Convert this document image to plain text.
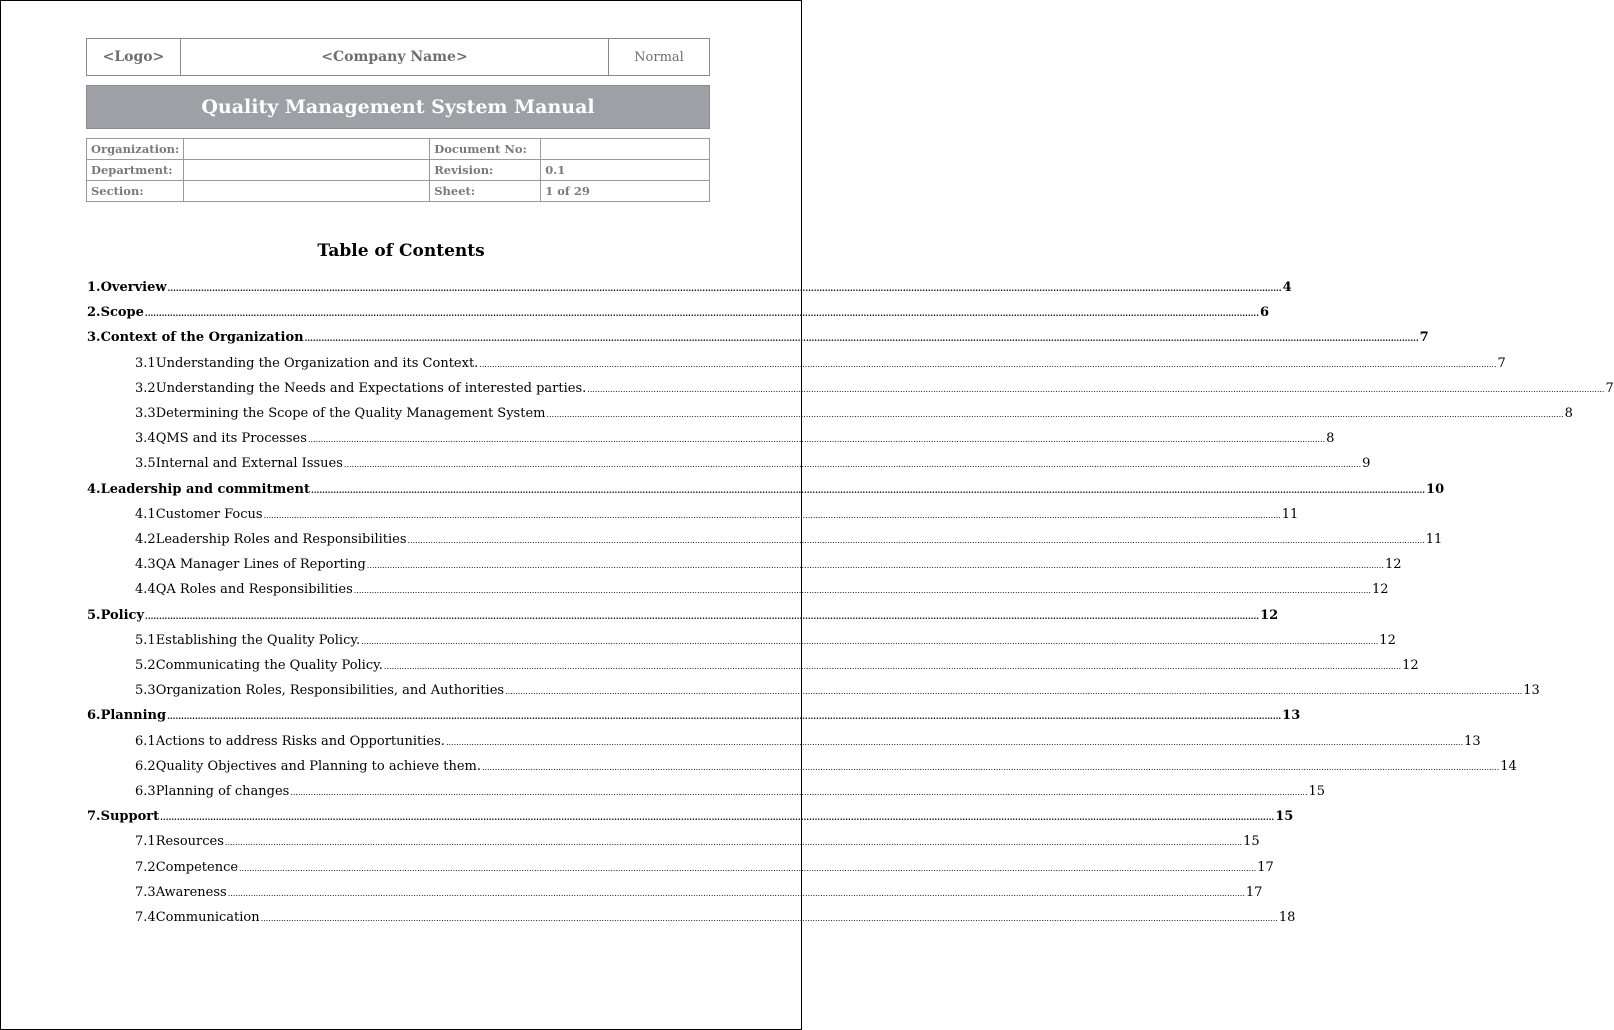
<Logo>	<Company Name>	Normal
Quality Management System Manual
Organization:		Document No:	
Department:		Revision:	0.1
Section:		Sheet:	1 of 29
Table of Contents
1. Overview ................................................................................................................................................................................................................................................................................................................................................................................................................ 4
2. Scope ................................................................................................................................................................................................................................................................................................................................................................................................................ 6
3. Context of the Organization ................................................................................................................................................................................................................................................................................................................................................................................................................ 7
3.1 Understanding the Organization and its Context. ................................................................................................................................................................................................................................................................................................................................................................................................................ 7
3.2 Understanding the Needs and Expectations of interested parties. ................................................................................................................................................................................................................................................................................................................................................................................................................ 7
3.3 Determining the Scope of the Quality Management System ................................................................................................................................................................................................................................................................................................................................................................................................................ 8
3.4 QMS and its Processes ................................................................................................................................................................................................................................................................................................................................................................................................................ 8
3.5 Internal and External Issues ................................................................................................................................................................................................................................................................................................................................................................................................................ 9
4. Leadership and commitment ................................................................................................................................................................................................................................................................................................................................................................................................................ 10
4.1 Customer Focus ................................................................................................................................................................................................................................................................................................................................................................................................................ 11
4.2 Leadership Roles and Responsibilities ................................................................................................................................................................................................................................................................................................................................................................................................................ 11
4.3 QA Manager Lines of Reporting ................................................................................................................................................................................................................................................................................................................................................................................................................ 12
4.4 QA Roles and Responsibilities ................................................................................................................................................................................................................................................................................................................................................................................................................ 12
5. Policy ................................................................................................................................................................................................................................................................................................................................................................................................................ 12
5.1 Establishing the Quality Policy. ................................................................................................................................................................................................................................................................................................................................................................................................................ 12
5.2 Communicating the Quality Policy. ................................................................................................................................................................................................................................................................................................................................................................................................................ 12
5.3 Organization Roles, Responsibilities, and Authorities ................................................................................................................................................................................................................................................................................................................................................................................................................ 13
6. Planning ................................................................................................................................................................................................................................................................................................................................................................................................................ 13
6.1 Actions to address Risks and Opportunities. ................................................................................................................................................................................................................................................................................................................................................................................................................ 13
6.2 Quality Objectives and Planning to achieve them. ................................................................................................................................................................................................................................................................................................................................................................................................................ 14
6.3 Planning of changes ................................................................................................................................................................................................................................................................................................................................................................................................................ 15
7. Support ................................................................................................................................................................................................................................................................................................................................................................................................................ 15
7.1 Resources ................................................................................................................................................................................................................................................................................................................................................................................................................ 15
7.2 Competence ................................................................................................................................................................................................................................................................................................................................................................................................................ 17
7.3 Awareness ................................................................................................................................................................................................................................................................................................................................................................................................................ 17
7.4 Communication ................................................................................................................................................................................................................................................................................................................................................................................................................ 18
